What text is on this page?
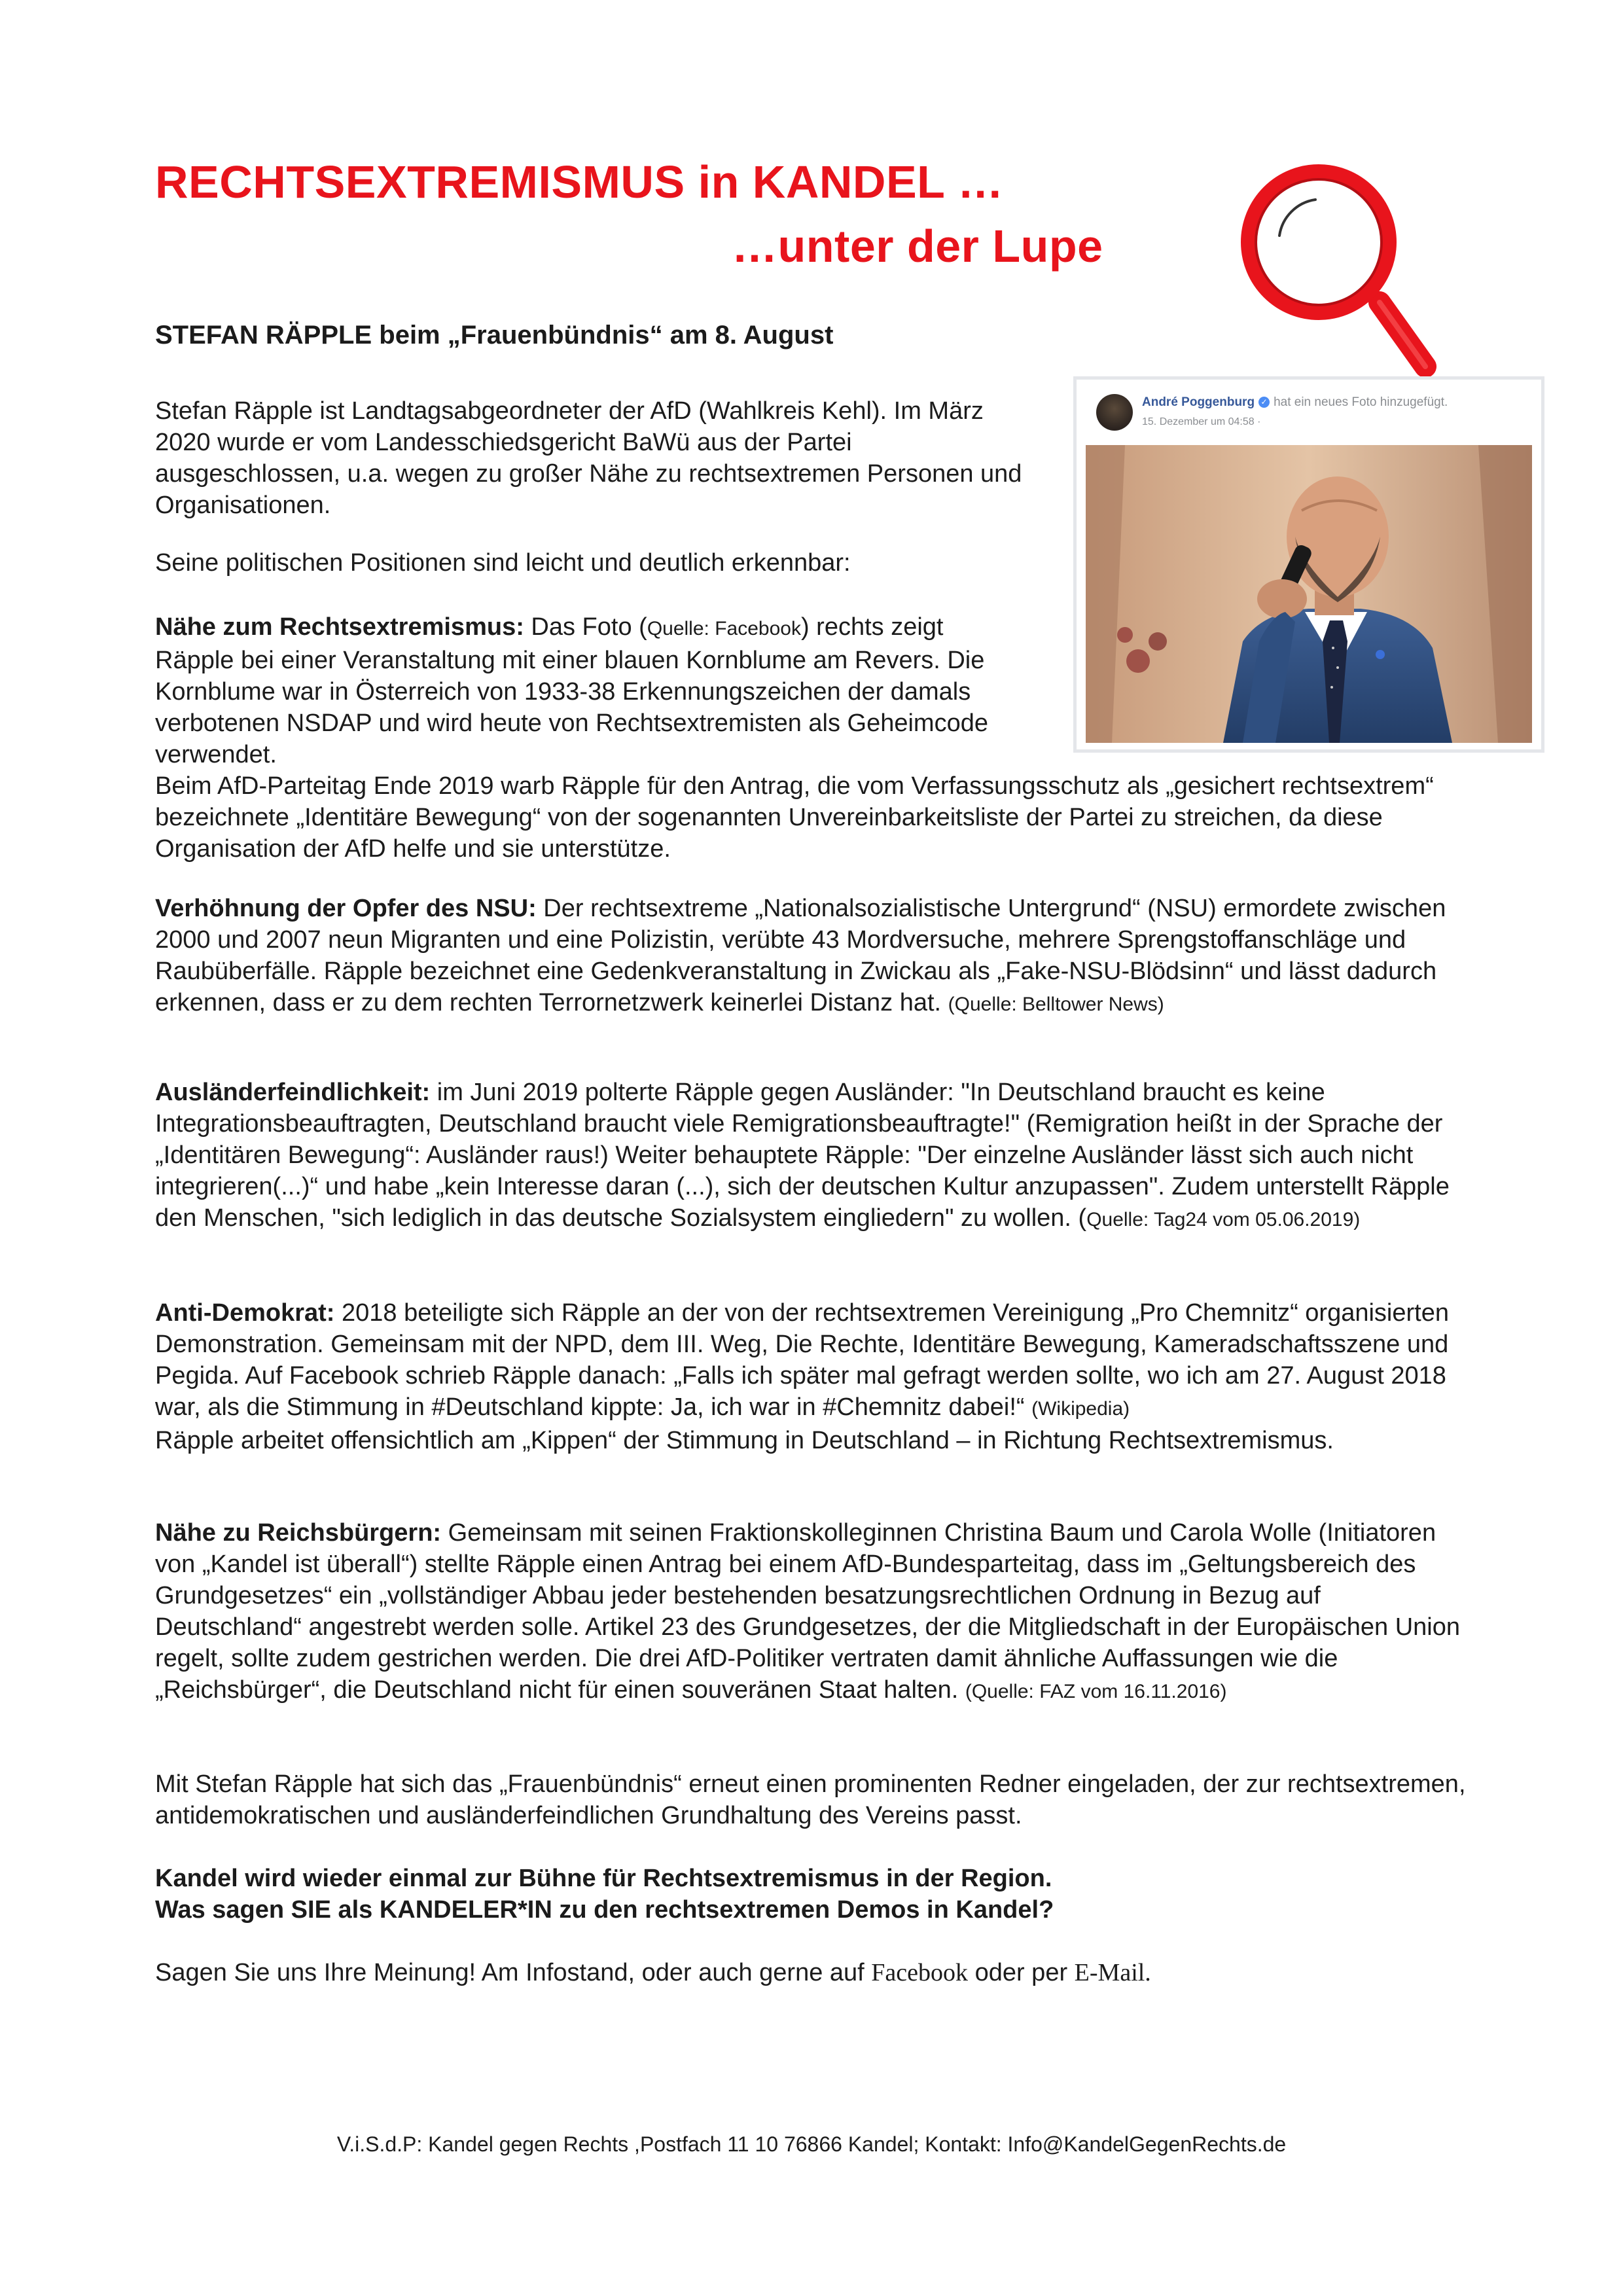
RECHTSEXTREMISMUS in KANDEL …
…unter der Lupe
STEFAN RÄPPLE beim „Frauenbündnis“ am 8. August
André Poggenburg ✓ hat ein neues Foto hinzugefügt.
15. Dezember um 04:58 ·
Stefan Räpple ist Landtagsabgeordneter der AfD (Wahlkreis Kehl). Im März 2020 wurde er vom Landesschiedsgericht BaWü aus der Partei ausgeschlossen, u.a. wegen zu großer Nähe zu rechtsextremen Personen und Organisationen.
Seine politischen Positionen sind leicht und deutlich erkennbar:
Nähe zum Rechtsextremismus: Das Foto (Quelle: Facebook) rechts zeigt Räpple bei einer Veranstaltung mit einer blauen Kornblume am Revers. Die Kornblume war in Österreich von 1933-38 Erkennungszeichen der damals verbotenen NSDAP und wird heute von Rechtsextremisten als Geheimcode verwendet.
Beim AfD-Parteitag Ende 2019 warb Räpple für den Antrag, die vom Verfassungsschutz als „gesichert rechtsextrem“ bezeichnete „Identitäre Bewegung“ von der sogenannten Unvereinbarkeitsliste der Partei zu streichen, da diese Organisation der AfD helfe und sie unterstütze.
Verhöhnung der Opfer des NSU: Der rechtsextreme „Nationalsozialistische Untergrund“ (NSU) ermordete zwischen 2000 und 2007 neun Migranten und eine Polizistin, verübte 43 Mordversuche, mehrere Sprengstoffanschläge und Raubüberfälle. Räpple bezeichnet eine Gedenkveranstaltung in Zwickau als „Fake-NSU-Blödsinn“ und lässt dadurch erkennen, dass er zu dem rechten Terrornetzwerk keinerlei Distanz hat. (Quelle: Belltower News)
Ausländerfeindlichkeit: im Juni 2019 polterte Räpple gegen Ausländer: "In Deutschland braucht es keine Integrationsbeauftragten, Deutschland braucht viele Remigrationsbeauftragte!" (Remigration heißt in der Sprache der „Identitären Bewegung“: Ausländer raus!) Weiter behauptete Räpple: "Der einzelne Ausländer lässt sich auch nicht integrieren(...)“ und habe „kein Interesse daran (...), sich der deutschen Kultur anzupassen". Zudem unterstellt Räpple den Menschen, "sich lediglich in das deutsche Sozialsystem eingliedern" zu wollen. (Quelle: Tag24 vom 05.06.2019)
Anti-Demokrat: 2018 beteiligte sich Räpple an der von der rechtsextremen Vereinigung „Pro Chemnitz“ organisierten Demonstration. Gemeinsam mit der NPD, dem III. Weg, Die Rechte, Identitäre Bewegung, Kameradschaftsszene und Pegida. Auf Facebook schrieb Räpple danach: „Falls ich später mal gefragt werden sollte, wo ich am 27. August 2018 war, als die Stimmung in #Deutschland kippte: Ja, ich war in #Chemnitz dabei!“ (Wikipedia)
Räpple arbeitet offensichtlich am „Kippen“ der Stimmung in Deutschland – in Richtung Rechtsextremismus.
Nähe zu Reichsbürgern: Gemeinsam mit seinen Fraktionskolleginnen Christina Baum und Carola Wolle (Initiatoren von „Kandel ist überall“) stellte Räpple einen Antrag bei einem AfD-Bundesparteitag, dass im „Geltungsbereich des Grundgesetzes“ ein „vollständiger Abbau jeder bestehenden besatzungsrechtlichen Ordnung in Bezug auf Deutschland“ angestrebt werden solle. Artikel 23 des Grundgesetzes, der die Mitgliedschaft in der Europäischen Union regelt, sollte zudem gestrichen werden. Die drei AfD-Politiker vertraten damit ähnliche Auffassungen wie die „Reichsbürger“, die Deutschland nicht für einen souveränen Staat halten. (Quelle: FAZ vom 16.11.2016)
Mit Stefan Räpple hat sich das „Frauenbündnis“ erneut einen prominenten Redner eingeladen, der zur rechtsextremen, antidemokratischen und ausländerfeindlichen Grundhaltung des Vereins passt.
Kandel wird wieder einmal zur Bühne für Rechtsextremismus in der Region.
Was sagen SIE als KANDELER*IN zu den rechtsextremen Demos in Kandel?
Sagen Sie uns Ihre Meinung! Am Infostand, oder auch gerne auf Facebook oder per E-Mail.
V.i.S.d.P: Kandel gegen Rechts ,Postfach 11 10 76866 Kandel; Kontakt: Info@KandelGegenRechts.de
